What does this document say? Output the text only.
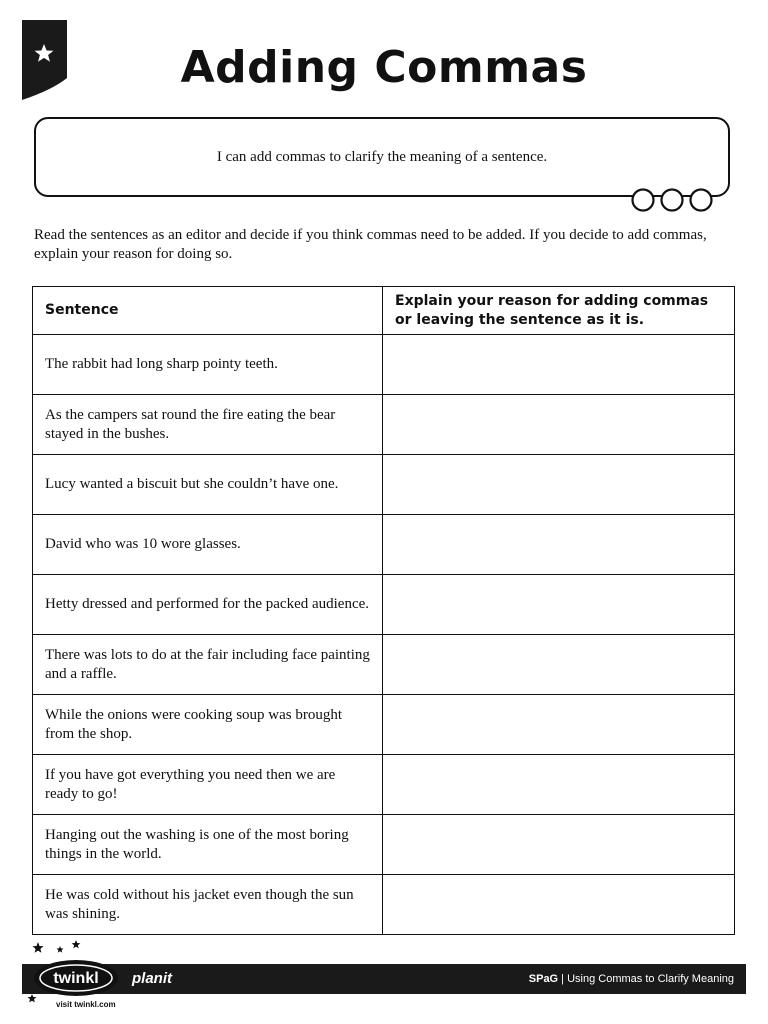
Adding Commas
I can add commas to clarify the meaning of a sentence.
Read the sentences as an editor and decide if you think commas need to be added. If you decide to add commas, explain your reason for doing so.
Sentence	Explain your reason for adding commas or leaving the sentence as it is.
The rabbit had long sharp pointy teeth.	
As the campers sat round the fire eating the bear stayed in the bushes.	
Lucy wanted a biscuit but she couldn’t have one.	
David who was 10 wore glasses.	
Hetty dressed and performed for the packed audience.	
There was lots to do at the fair including face painting and a raffle.	
While the onions were cooking soup was brought from the shop.	
If you have got everything you need then we are ready to go!	
Hanging out the washing is one of the most boring things in the world.	
He was cold without his jacket even though the sun was shining.	
planit	SPaG | Using Commas to Clarify Meaning
twinkl
visit twinkl.com
